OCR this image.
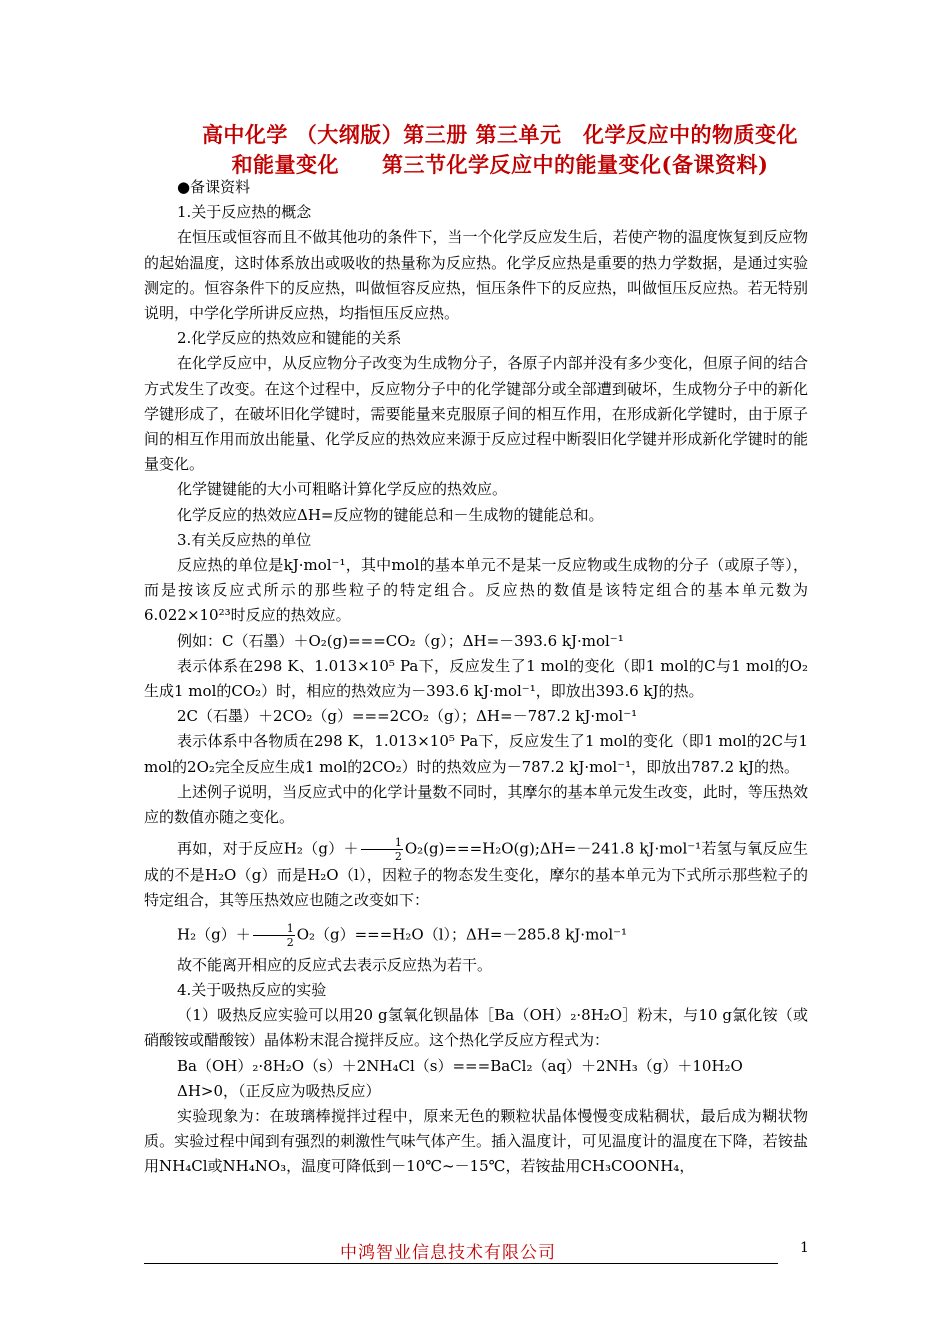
高中化学 （大纲版）第三册 第三单元　化学反应中的物质变化
和能量变化　　第三节化学反应中的能量变化(备课资料)

●备课资料

1.关于反应热的概念

在恒压或恒容而且不做其他功的条件下，当一个化学反应发生后，若使产物的温度恢复到反应物的起始温度，这时体系放出或吸收的热量称为反应热。化学反应热是重要的热力学数据，是通过实验测定的。恒容条件下的反应热，叫做恒容反应热，恒压条件下的反应热，叫做恒压反应热。若无特别说明，中学化学所讲反应热，均指恒压反应热。

2.化学反应的热效应和键能的关系

在化学反应中，从反应物分子改变为生成物分子，各原子内部并没有多少变化，但原子间的结合方式发生了改变。在这个过程中，反应物分子中的化学键部分或全部遭到破坏，生成物分子中的新化学键形成了，在破坏旧化学键时，需要能量来克服原子间的相互作用，在形成新化学键时，由于原子间的相互作用而放出能量、化学反应的热效应来源于反应过程中断裂旧化学键并形成新化学键时的能量变化。

化学键键能的大小可粗略计算化学反应的热效应。

化学反应的热效应ΔH=反应物的键能总和－生成物的键能总和。

3.有关反应热的单位

反应热的单位是kJ·mol⁻¹，其中mol的基本单元不是某一反应物或生成物的分子（或原子等），而是按该反应式所示的那些粒子的特定组合。反应热的数值是该特定组合的基本单元数为6.022×10²³时反应的热效应。

例如：C（石墨）＋O₂(g)===CO₂（g）；ΔH=－393.6 kJ·mol⁻¹

表示体系在298 K、1.013×10⁵ Pa下，反应发生了1 mol的变化（即1 mol的C与1 mol的O₂生成1 mol的CO₂）时，相应的热效应为－393.6 kJ·mol⁻¹，即放出393.6 kJ的热。

2C（石墨）＋2CO₂（g）===2CO₂（g）；ΔH=－787.2 kJ·mol⁻¹

表示体系中各物质在298 K，1.013×10⁵ Pa下，反应发生了1 mol的变化（即1 mol的2C与1 mol的2O₂完全反应生成1 mol的2CO₂）时的热效应为－787.2 kJ·mol⁻¹，即放出787.2 kJ的热。

上述例子说明，当反应式中的化学计量数不同时，其摩尔的基本单元发生改变，此时，等压热效应的数值亦随之变化。

再如，对于反应$H_2(g)+ \frac{1}{2}$ O₂(g)===H₂O(g);ΔH=－241.8 kJ·mol⁻¹若氢与氧反应生成的不是H₂O（g）而是H₂O（l），因粒子的物态发生变化，摩尔的基本单元为下式所示那些粒子的特定组合，其等压热效应也随之改变如下：

$H_2(g)+ \frac{1}{2} O_2(g)===H_2O(l)$；ΔH=－285.8 kJ·mol⁻¹

故不能离开相应的反应式去表示反应热为若干。

4.关于吸热反应的实验

（1）吸热反应实验可以用20 g氢氧化钡晶体［Ba（OH）₂·8H₂O］粉末，与10 g氯化铵（或硝酸铵或醋酸铵）晶体粉末混合搅拌反应。这个热化学反应方程式为：

Ba（OH）₂·8H₂O（s）＋2NH₄Cl（s）===BaCl₂（aq）＋2NH₃（g）＋10H₂O

ΔH>0，（正反应为吸热反应）

实验现象为：在玻璃棒搅拌过程中，原来无色的颗粒状晶体慢慢变成粘稠状，最后成为糊状物质。实验过程中闻到有强烈的刺激性气味气体产生。插入温度计，可见温度计的温度在下降，若铵盐用NH₄Cl或NH₄NO₃，温度可降低到－10℃~－15℃，若铵盐用CH₃COONH₄，

中鸿智业信息技术有限公司	1
